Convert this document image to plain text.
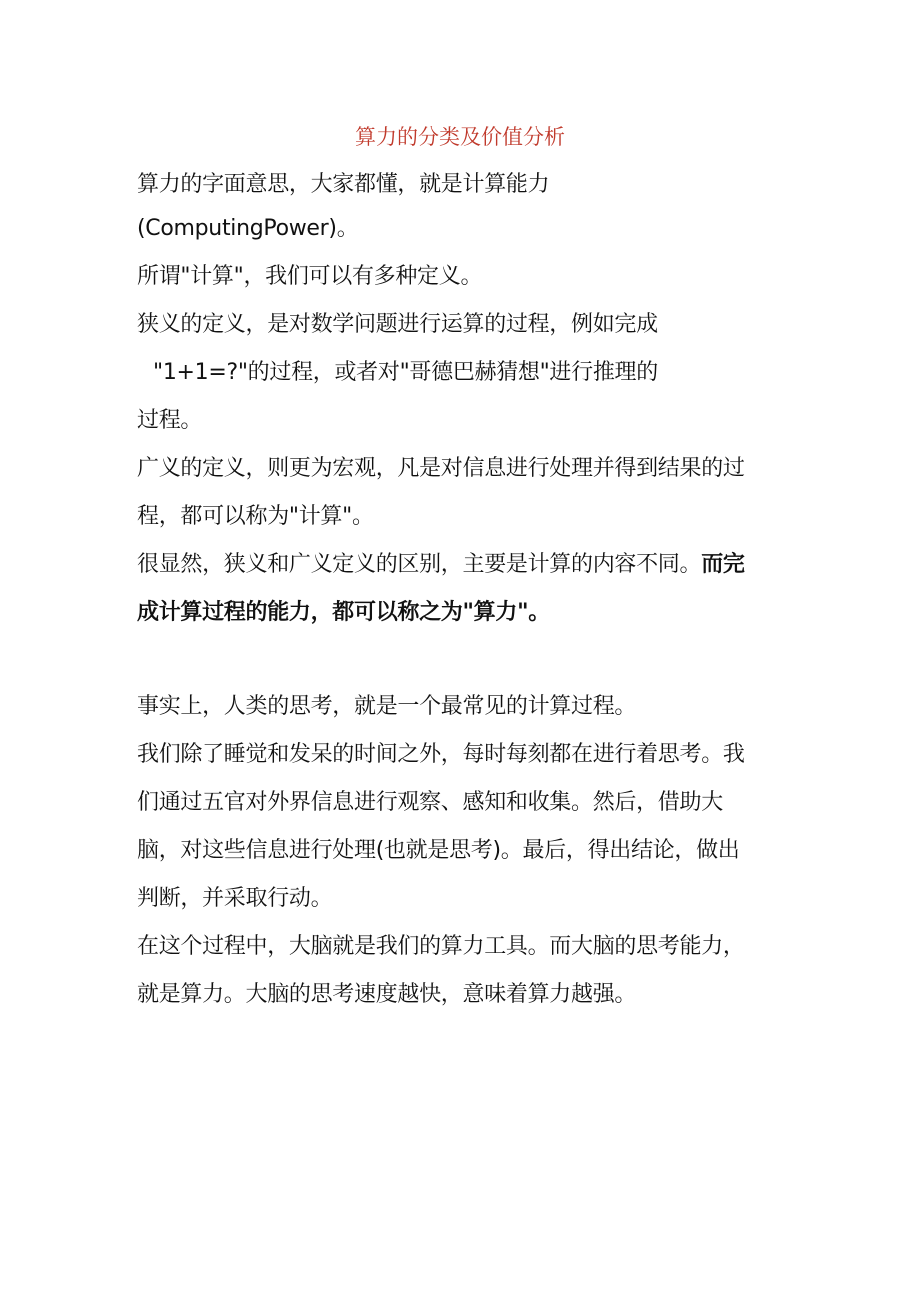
算力的分类及价值分析
算力的字面意思，大家都懂，就是计算能力
(ComputingPower)。
所谓"计算"，我们可以有多种定义。
狭义的定义，是对数学问题进行运算的过程，例如完成
"1+1=?"的过程，或者对"哥德巴赫猜想"进行推理的
过程。
广义的定义，则更为宏观，凡是对信息进行处理并得到结果的过
程，都可以称为"计算"。
很显然，狭义和广义定义的区别，主要是计算的内容不同。而完
成计算过程的能力，都可以称之为"算力"。
事实上，人类的思考，就是一个最常见的计算过程。
我们除了睡觉和发呆的时间之外，每时每刻都在进行着思考。我
们通过五官对外界信息进行观察、感知和收集。然后，借助大
脑，对这些信息进行处理(也就是思考)。最后，得出结论，做出
判断，并采取行动。
在这个过程中，大脑就是我们的算力工具。而大脑的思考能力，
就是算力。大脑的思考速度越快，意味着算力越强。
